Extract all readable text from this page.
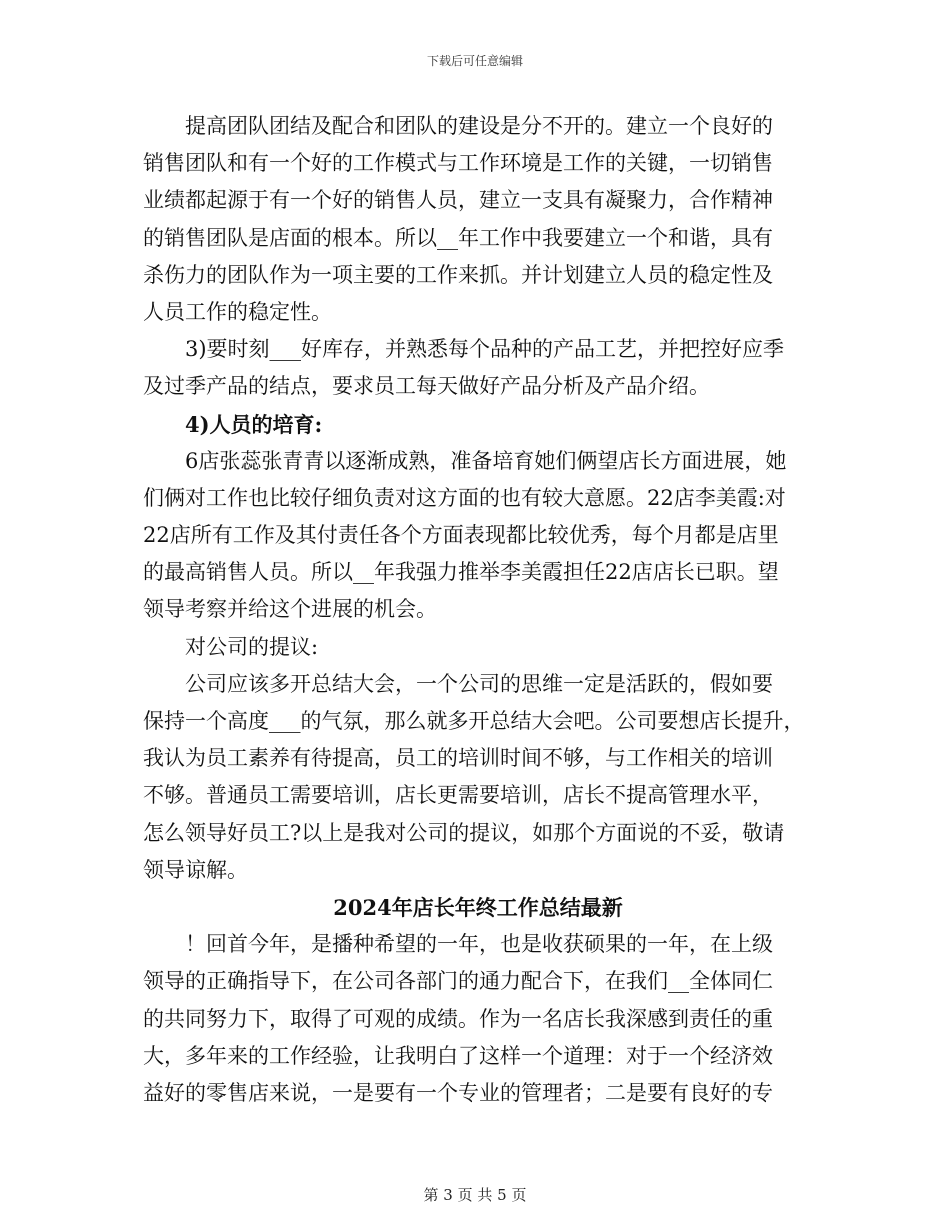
下载后可任意编辑
提高团队团结及配合和团队的建设是分不开的。建立一个良好的
销售团队和有一个好的工作模式与工作环境是工作的关键，一切销售
业绩都起源于有一个好的销售人员，建立一支具有凝聚力，合作精神
的销售团队是店面的根本。所以__年工作中我要建立一个和谐，具有
杀伤力的团队作为一项主要的工作来抓。并计划建立人员的稳定性及
人员工作的稳定性。
3)要时刻___好库存，并熟悉每个品种的产品工艺，并把控好应季
及过季产品的结点，要求员工每天做好产品分析及产品介绍。
4)人员的培育:
6店张蕊张青青以逐渐成熟，准备培育她们俩望店长方面进展，她
们俩对工作也比较仔细负责对这方面的也有较大意愿。22店李美霞:对
22店所有工作及其付责任各个方面表现都比较优秀，每个月都是店里
的最高销售人员。所以__年我强力推举李美霞担任22店店长已职。望
领导考察并给这个进展的机会。
对公司的提议:
公司应该多开总结大会，一个公司的思维一定是活跃的，假如要
保持一个高度___的气氛，那么就多开总结大会吧。公司要想店长提升，
我认为员工素养有待提高，员工的培训时间不够，与工作相关的培训
不够。普通员工需要培训，店长更需要培训，店长不提高管理水平，
怎么领导好员工?以上是我对公司的提议，如那个方面说的不妥，敬请
领导谅解。
2024年店长年终工作总结最新
！回首今年，是播种希望的一年，也是收获硕果的一年，在上级
领导的正确指导下，在公司各部门的通力配合下，在我们__全体同仁
的共同努力下，取得了可观的成绩。作为一名店长我深感到责任的重
大，多年来的工作经验，让我明白了这样一个道理：对于一个经济效
益好的零售店来说，一是要有一个专业的管理者；二是要有良好的专
第 3 页 共 5 页
